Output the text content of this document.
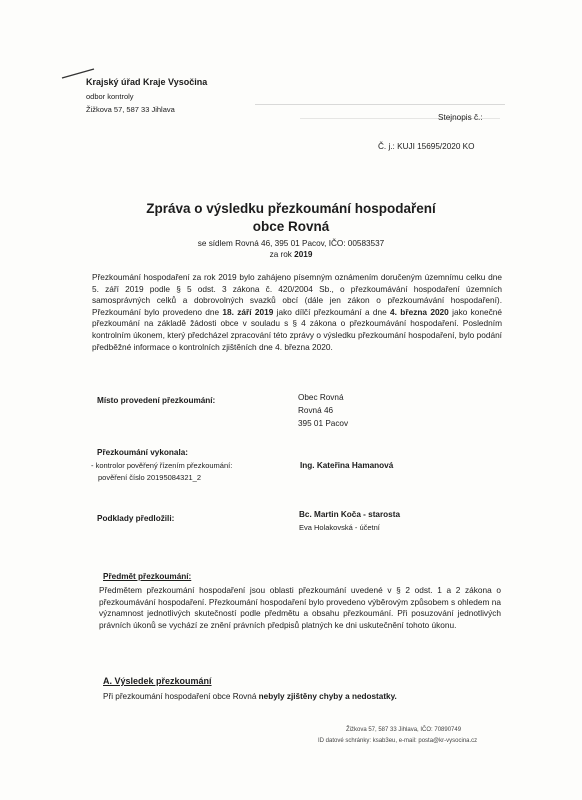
Krajský úřad Kraje Vysočina
odbor kontroly
Žižkova 57, 587 33 Jihlava
Stejnopis č.:
Č. j.: KUJI 15695/2020 KO
Zpráva o výsledku přezkoumání hospodaření
obce Rovná
se sídlem Rovná 46, 395 01 Pacov, IČO: 00583537
za rok 2019

Přezkoumání hospodaření za rok 2019 bylo zahájeno písemným oznámením doručeným územnímu celku dne 5. září 2019 podle § 5 odst. 3 zákona č. 420/2004 Sb., o přezkoumávání hospodaření územních samosprávných celků a dobrovolných svazků obcí (dále jen zákon o přezkoumávání hospodaření). Přezkoumání bylo provedeno dne 18. září 2019 jako dílčí přezkoumání a dne 4. března 2020 jako konečné přezkoumání na základě žádosti obce v souladu s § 4 zákona o přezkoumávání hospodaření. Posledním kontrolním úkonem, který předcházel zpracování této zprávy o výsledku přezkoumání hospodaření, bylo podání předběžné informace o kontrolních zjištěních dne 4. března 2020.

Místo provedení přezkoumání:	Obec Rovná
Rovná 46
395 01 Pacov
Přezkoumání vykonala:
- kontrolor pověřený řízením přezkoumání:
pověření číslo 20195084321_2
Ing. Kateřina Hamanová
Podklady předložili:	Bc. Martin Koča - starosta
Eva Holakovská - účetní
Předmět přezkoumání:

Předmětem přezkoumání hospodaření jsou oblasti přezkoumání uvedené v § 2 odst. 1 a 2 zákona o přezkoumávání hospodaření. Přezkoumání hospodaření bylo provedeno výběrovým způsobem s ohledem na významnost jednotlivých skutečností podle předmětu a obsahu přezkoumání. Při posuzování jednotlivých právních úkonů se vychází ze znění právních předpisů platných ke dni uskutečnění tohoto úkonu.

A. Výsledek přezkoumání
Při přezkoumání hospodaření obce Rovná nebyly zjištěny chyby a nedostatky.
Žižkova 57, 587 33 Jihlava, IČO: 70890749
ID datové schránky: ksab3eu, e-mail: posta@kr-vysocina.cz
